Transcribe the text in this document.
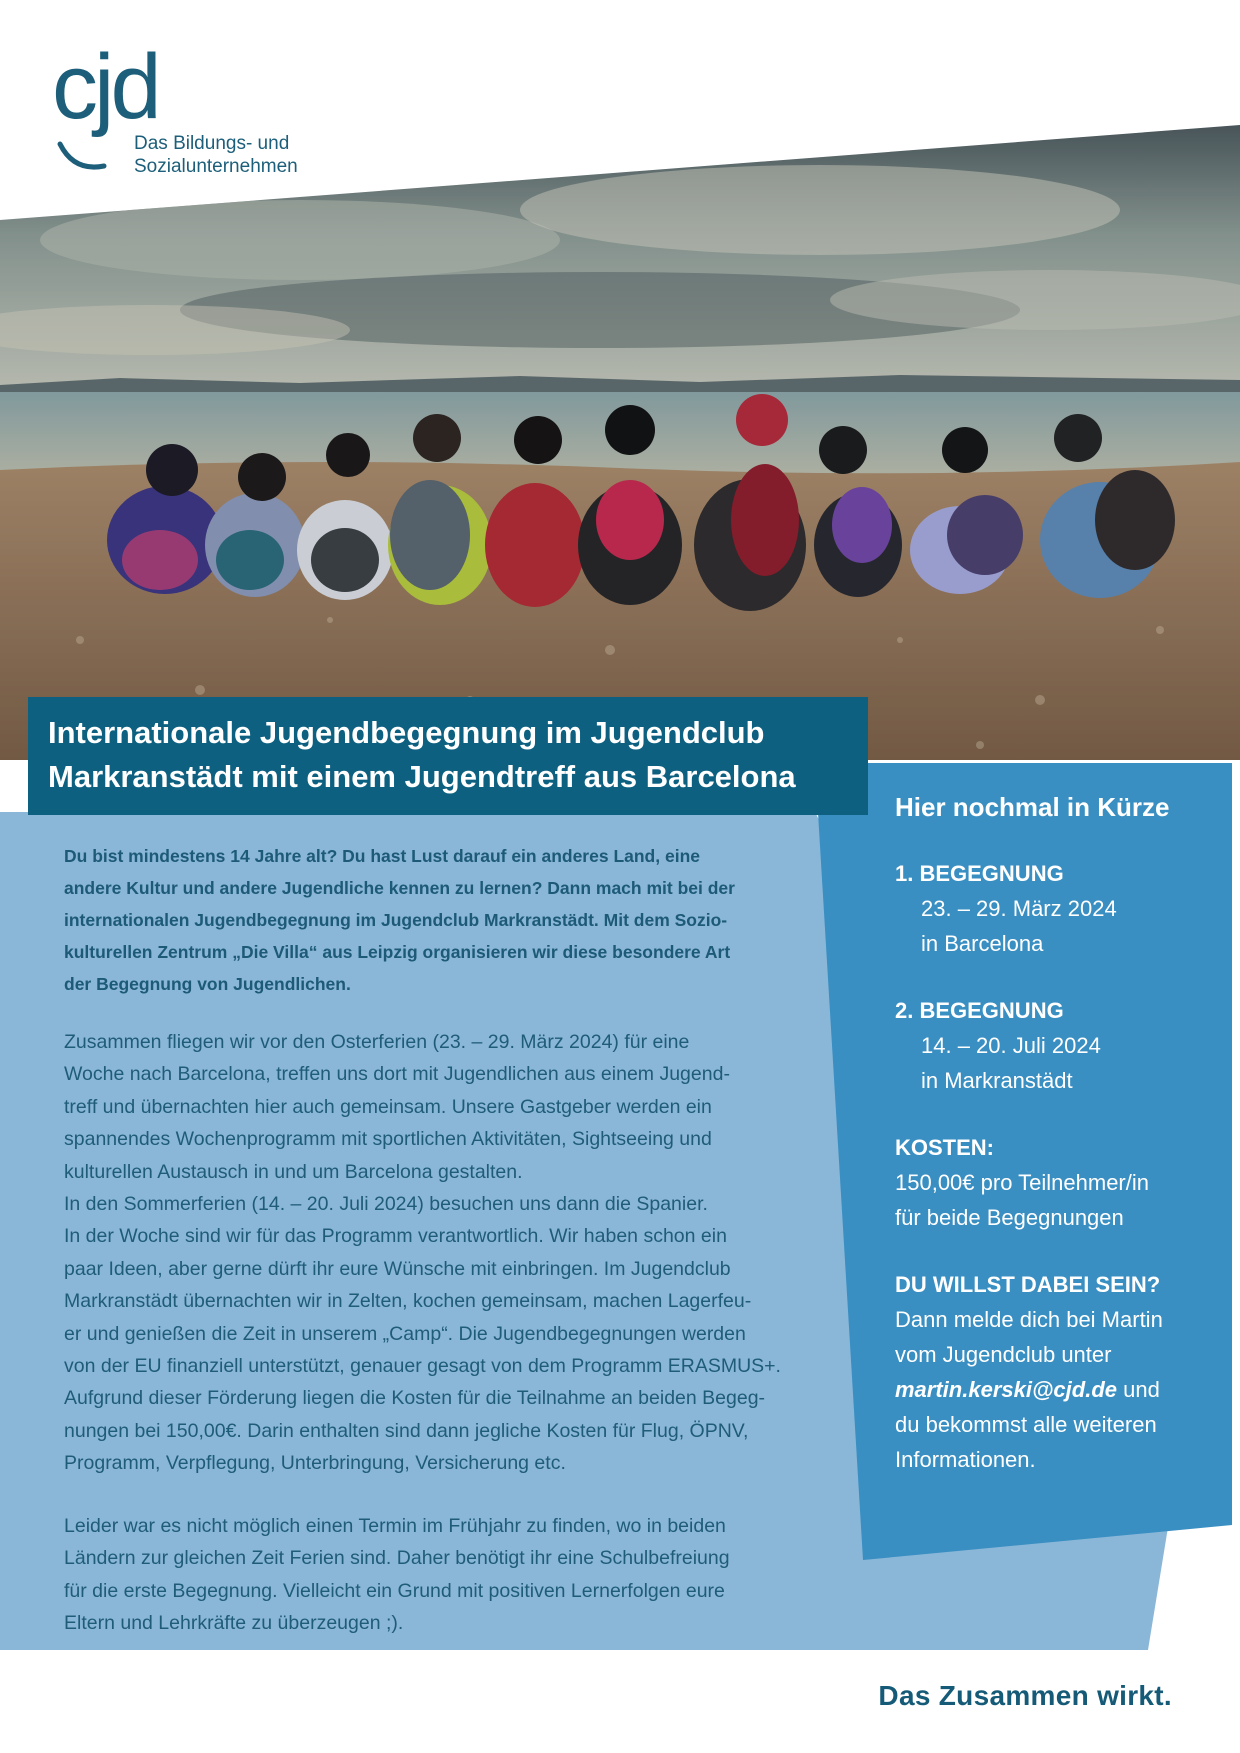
cjd

Das Bildungs- und
Sozialunternehmen

Internationale Jugendbegegnung im Jugendclub
Markranstädt mit einem Jugendtreff aus Barcelona

Du bist mindestens 14 Jahre alt? Du hast Lust darauf ein anderes Land, eine
andere Kultur und andere Jugendliche kennen zu lernen? Dann mach mit bei der
internationalen Jugendbegegnung im Jugendclub Markranstädt. Mit dem Sozio-
kulturellen Zentrum „Die Villa“ aus Leipzig organisieren wir diese besondere Art
der Begegnung von Jugendlichen.

Zusammen fliegen wir vor den Osterferien (23. – 29. März 2024) für eine
Woche nach Barcelona, treffen uns dort mit Jugendlichen aus einem Jugend-
treff und übernachten hier auch gemeinsam. Unsere Gastgeber werden ein
spannendes Wochenprogramm mit sportlichen Aktivitäten, Sightseeing und
kulturellen Austausch in und um Barcelona gestalten.
In den Sommerferien (14. – 20. Juli 2024) besuchen uns dann die Spanier.
In der Woche sind wir für das Programm verantwortlich. Wir haben schon ein
paar Ideen, aber gerne dürft ihr eure Wünsche mit einbringen. Im Jugendclub
Markranstädt übernachten wir in Zelten, kochen gemeinsam, machen Lagerfeu-
er und genießen die Zeit in unserem „Camp“. Die Jugendbegegnungen werden
von der EU finanziell unterstützt, genauer gesagt von dem Programm ERASMUS+.
Aufgrund dieser Förderung liegen die Kosten für die Teilnahme an beiden Begeg-
nungen bei 150,00€. Darin enthalten sind dann jegliche Kosten für Flug, ÖPNV,
Programm, Verpflegung, Unterbringung, Versicherung etc.

Leider war es nicht möglich einen Termin im Frühjahr zu finden, wo in beiden
Ländern zur gleichen Zeit Ferien sind. Daher benötigt ihr eine Schulbefreiung
für die erste Begegnung. Vielleicht ein Grund mit positiven Lernerfolgen eure
Eltern und Lehrkräfte zu überzeugen ;).

Hier nochmal in Kürze
1. BEGEGNUNG
23. – 29. März 2024
in Barcelona
2. BEGEGNUNG
14. – 20. Juli 2024
in Markranstädt
KOSTEN:
150,00€ pro Teilnehmer/in
für beide Begegnungen
DU WILLST DABEI SEIN?
Dann melde dich bei Martin
vom Jugendclub unter
martin.kerski@cjd.de und
du bekommst alle weiteren
Informationen.

Das Zusammen wirkt.
